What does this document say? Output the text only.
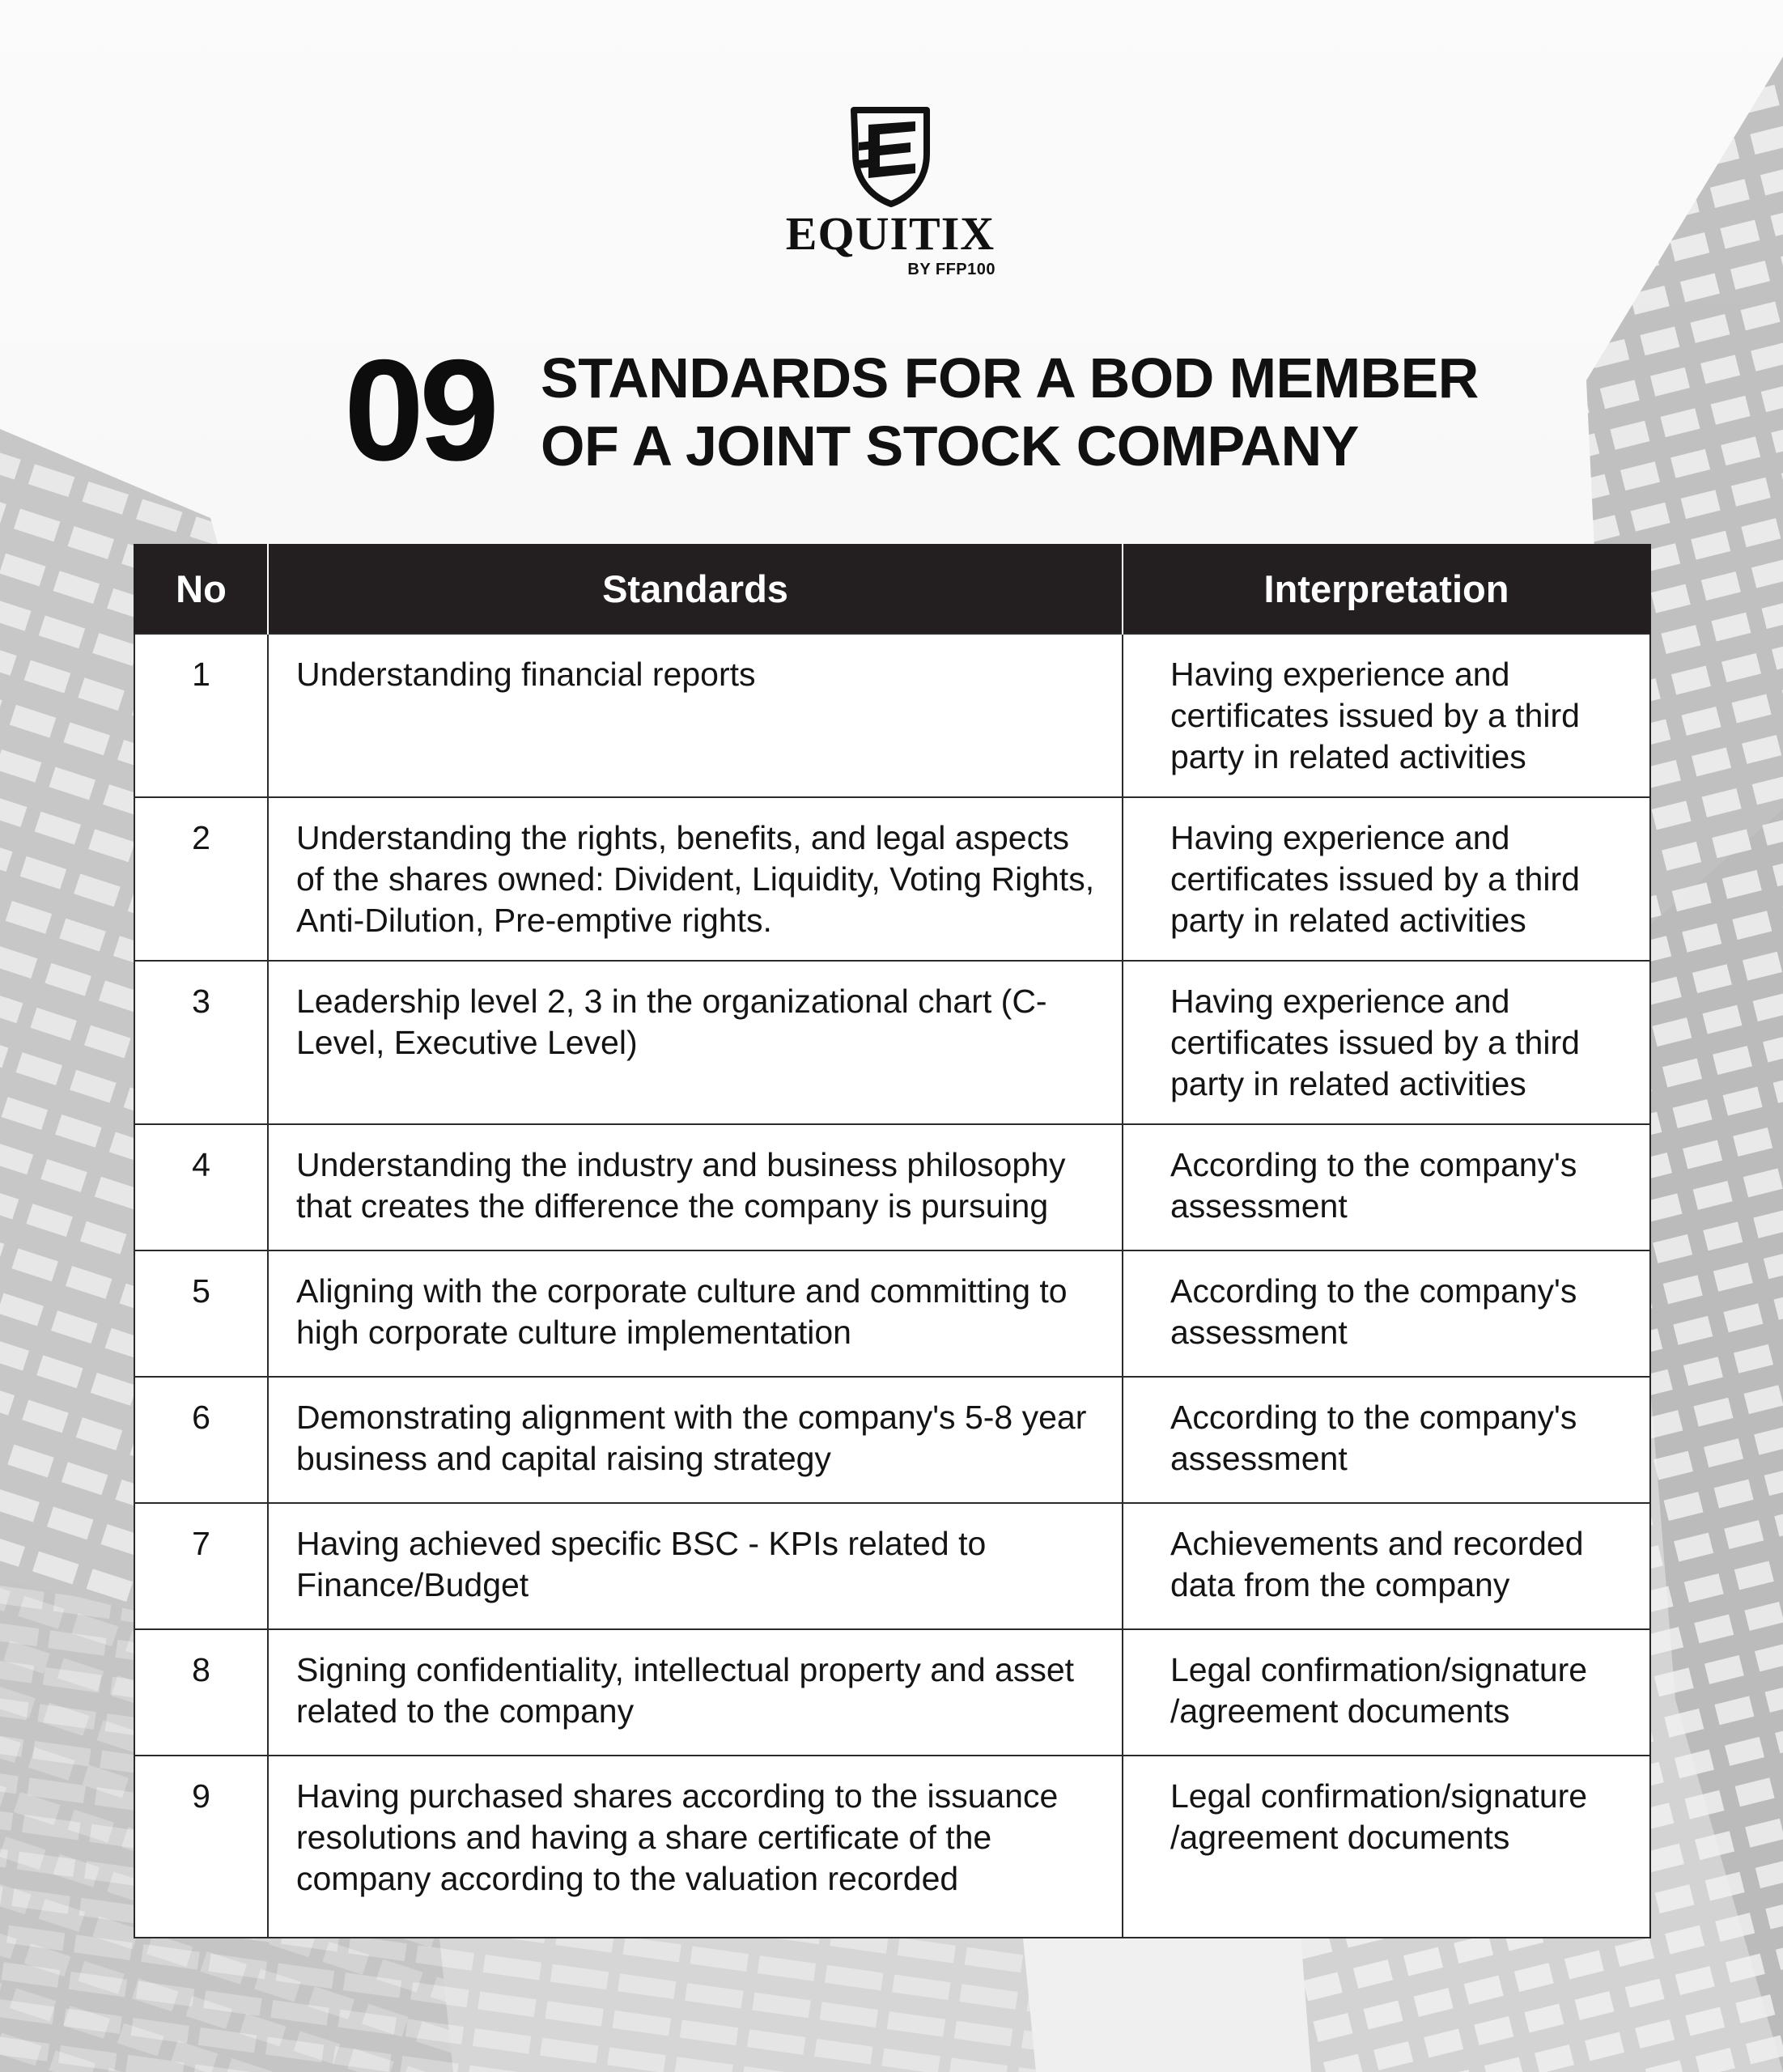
EQUITIX
BY FFP100
09 STANDARDS FOR A BOD MEMBER
OF A JOINT STOCK COMPANY
No	Standards	Interpretation
1	Understanding financial reports	Having experience and certificates issued by a third party in related activities
2	Understanding the rights, benefits, and legal aspects of the shares owned: Divident, Liquidity, Voting Rights, Anti-Dilution, Pre-emptive rights.	Having experience and certificates issued by a third party in related activities
3	Leadership level 2, 3 in the organizational chart (C-Level, Executive Level)	Having experience and certificates issued by a third party in related activities
4	Understanding the industry and business philosophy that creates the difference the company is pursuing	According to the company's assessment
5	Aligning with the corporate culture and committing to high corporate culture implementation	According to the company's assessment
6	Demonstrating alignment with the company's 5-8 year business and capital raising strategy	According to the company's assessment
7	Having achieved specific BSC - KPIs related to Finance/Budget	Achievements and recorded data from the company
8	Signing confidentiality, intellectual property and asset related to the company	Legal confirmation/signature /agreement documents
9	Having purchased shares according to the issuance resolutions and having a share certificate of the company according to the valuation recorded	Legal confirmation/signature /agreement documents
